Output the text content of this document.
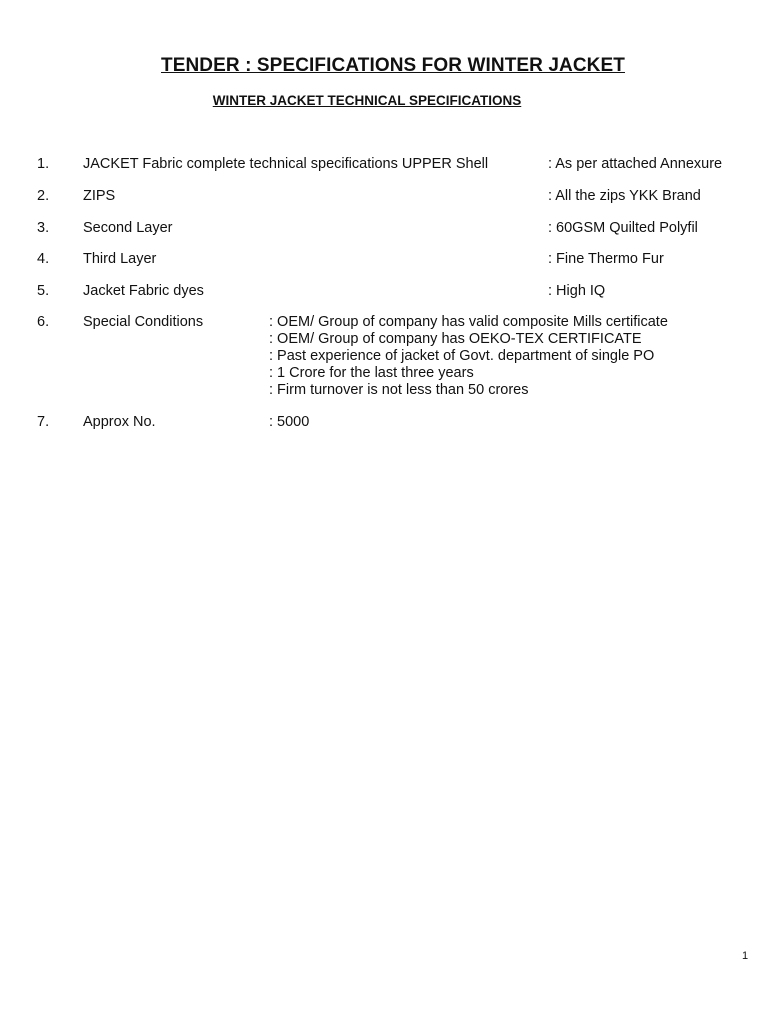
TENDER : SPECIFICATIONS FOR WINTER JACKET
WINTER JACKET TECHNICAL SPECIFICATIONS
1. JACKET Fabric complete technical specifications UPPER Shell	: As per attached Annexure
2. ZIPS	: All the zips YKK Brand
3. Second Layer	: 60GSM Quilted Polyfil
4. Third Layer	: Fine Thermo Fur
5. Jacket Fabric dyes	: High IQ
6. Special Conditions	: OEM/ Group of company has valid composite Mills certificate
: OEM/ Group of company has OEKO-TEX CERTIFICATE
: Past experience of jacket of Govt. department of single PO
: 1 Crore for the last three years
: Firm turnover is not less than 50 crores
7. Approx No.	: 5000
1
